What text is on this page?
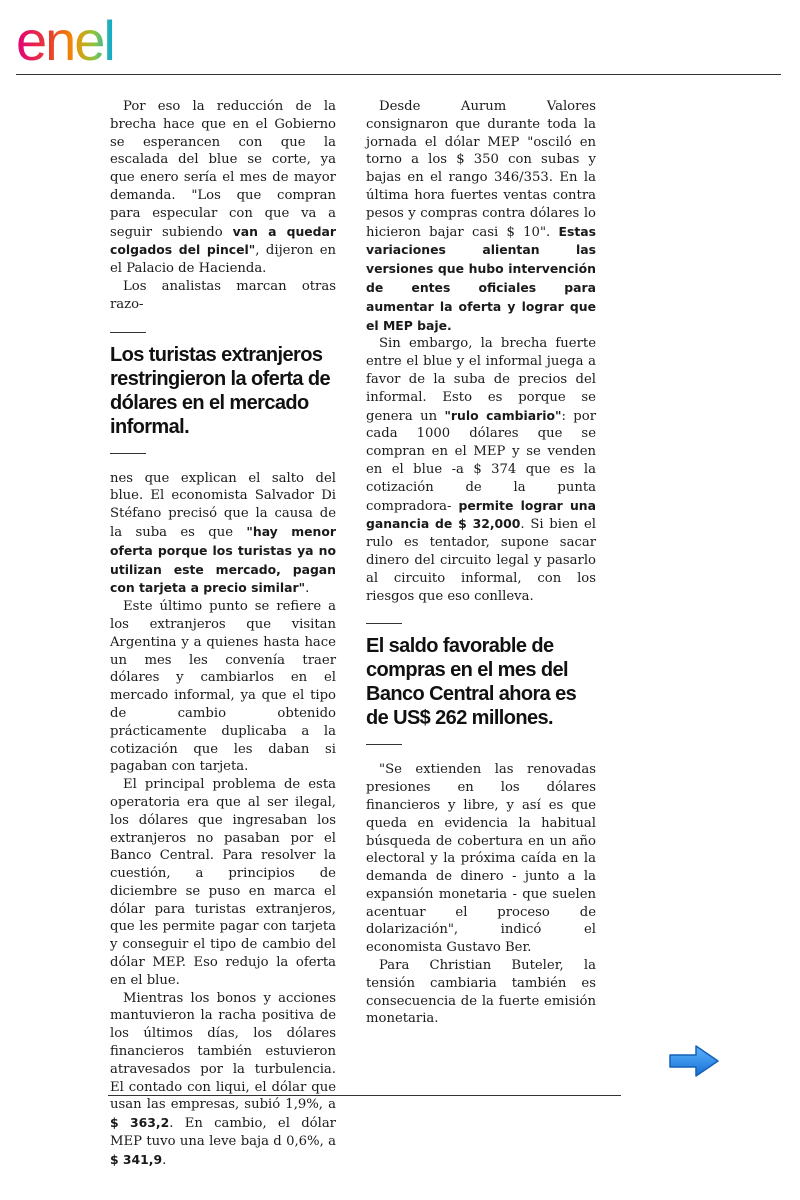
enel

Por eso la reducción de la brecha hace que en el Gobierno se esperancen con que la escalada del blue se corte, ya que enero sería el mes de mayor demanda. "Los que compran para especular con que va a seguir subiendo van a quedar colgados del pincel", dijeron en el Palacio de Hacienda.

Los analistas marcan otras razo-

Los turistas extranjeros restringieron la oferta de dólares en el mercado informal.

nes que explican el salto del blue. El economista Salvador Di Stéfano precisó que la causa de la suba es que "hay menor oferta porque los turistas ya no utilizan este mercado, pagan con tarjeta a precio similar".

Este último punto se refiere a los extranjeros que visitan Argentina y a quienes hasta hace un mes les convenía traer dólares y cambiarlos en el mercado informal, ya que el tipo de cambio obtenido prácticamente duplicaba a la cotización que les daban si pagaban con tarjeta.

El principal problema de esta operatoria era que al ser ilegal, los dólares que ingresaban los extranjeros no pasaban por el Banco Central. Para resolver la cuestión, a principios de diciembre se puso en marca el dólar para turistas extranjeros, que les permite pagar con tarjeta y conseguir el tipo de cambio del dólar MEP. Eso redujo la oferta en el blue.

Mientras los bonos y acciones mantuvieron la racha positiva de los últimos días, los dólares financieros también estuvieron atravesados por la turbulencia. El contado con liqui, el dólar que usan las empresas, subió 1,9%, a $ 363,2. En cambio, el dólar MEP tuvo una leve baja d 0,6%, a $ 341,9.

Desde Aurum Valores consignaron que durante toda la jornada el dólar MEP "osciló en torno a los $ 350 con subas y bajas en el rango 346/353. En la última hora fuertes ventas contra pesos y compras contra dólares lo hicieron bajar casi $ 10". Estas variaciones alientan las versiones que hubo intervención de entes oficiales para aumentar la oferta y lograr que el MEP baje.

Sin embargo, la brecha fuerte entre el blue y el informal juega a favor de la suba de precios del informal. Esto es porque se genera un "rulo cambiario": por cada 1000 dólares que se compran en el MEP y se venden en el blue -a $ 374 que es la cotización de la punta compradora- permite lograr una ganancia de $ 32,000. Si bien el rulo es tentador, supone sacar dinero del circuito legal y pasarlo al circuito informal, con los riesgos que eso conlleva.

El saldo favorable de compras en el mes del Banco Central ahora es de US$ 262 millones.

"Se extienden las renovadas presiones en los dólares financieros y libre, y así es que queda en evidencia la habitual búsqueda de cobertura en un año electoral y la próxima caída en la demanda de dinero - junto a la expansión monetaria - que suelen acentuar el proceso de dolarización", indicó el economista Gustavo Ber.

Para Christian Buteler, la tensión cambiaria también es consecuencia de la fuerte emisión monetaria.
